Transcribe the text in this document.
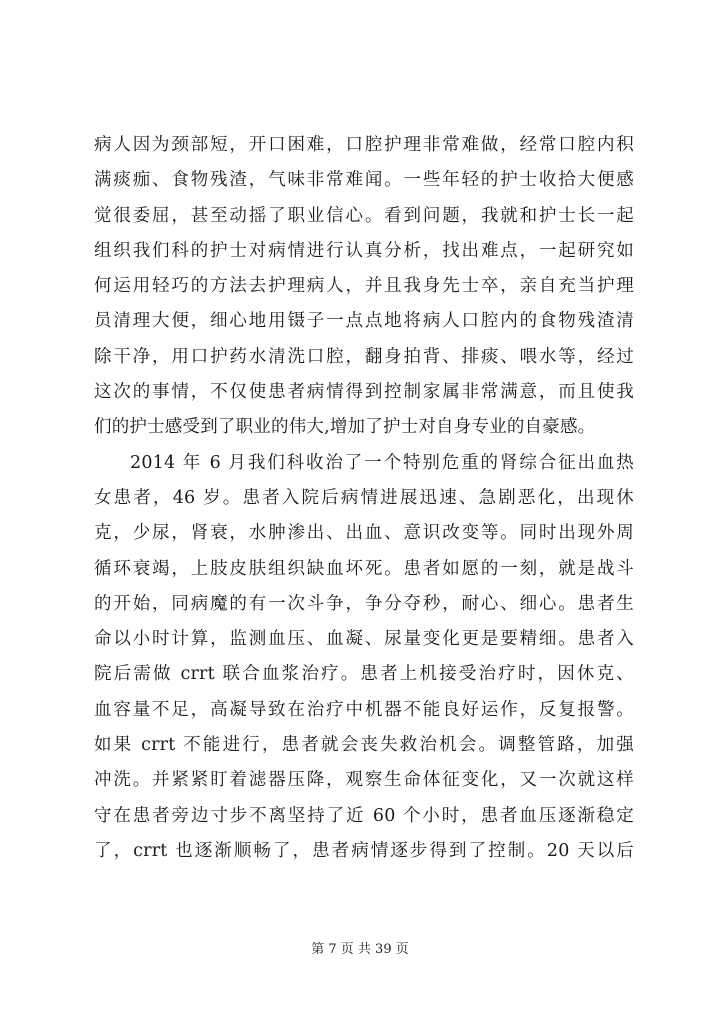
病人因为颈部短，开口困难，口腔护理非常难做，经常口腔内积
满痰痂、食物残渣，气味非常难闻。一些年轻的护士收拾大便感
觉很委屈，甚至动摇了职业信心。看到问题，我就和护士长一起
组织我们科的护士对病情进行认真分析，找出难点，一起研究如
何运用轻巧的方法去护理病人，并且我身先士卒，亲自充当护理
员清理大便，细心地用镊子一点点地将病人口腔内的食物残渣清
除干净，用口护药水清洗口腔，翻身拍背、排痰、喂水等，经过
这次的事情，不仅使患者病情得到控制家属非常满意，而且使我
们的护士感受到了职业的伟大,增加了护士对自身专业的自豪感。
2014 年 6 月我们科收治了一个特别危重的肾综合征出血热
女患者，46 岁。患者入院后病情进展迅速、急剧恶化，出现休
克，少尿，肾衰，水肿渗出、出血、意识改变等。同时出现外周
循环衰竭，上肢皮肤组织缺血坏死。患者如愿的一刻，就是战斗
的开始，同病魔的有一次斗争，争分夺秒，耐心、细心。患者生
命以小时计算，监测血压、血凝、尿量变化更是要精细。患者入
院后需做 crrt 联合血浆治疗。患者上机接受治疗时，因休克、
血容量不足，高凝导致在治疗中机器不能良好运作，反复报警。
如果 crrt 不能进行，患者就会丧失救治机会。调整管路，加强
冲洗。并紧紧盯着滤器压降，观察生命体征变化，又一次就这样
守在患者旁边寸步不离坚持了近 60 个小时，患者血压逐渐稳定
了，crrt 也逐渐顺畅了，患者病情逐步得到了控制。20 天以后
第 7 页 共 39 页
